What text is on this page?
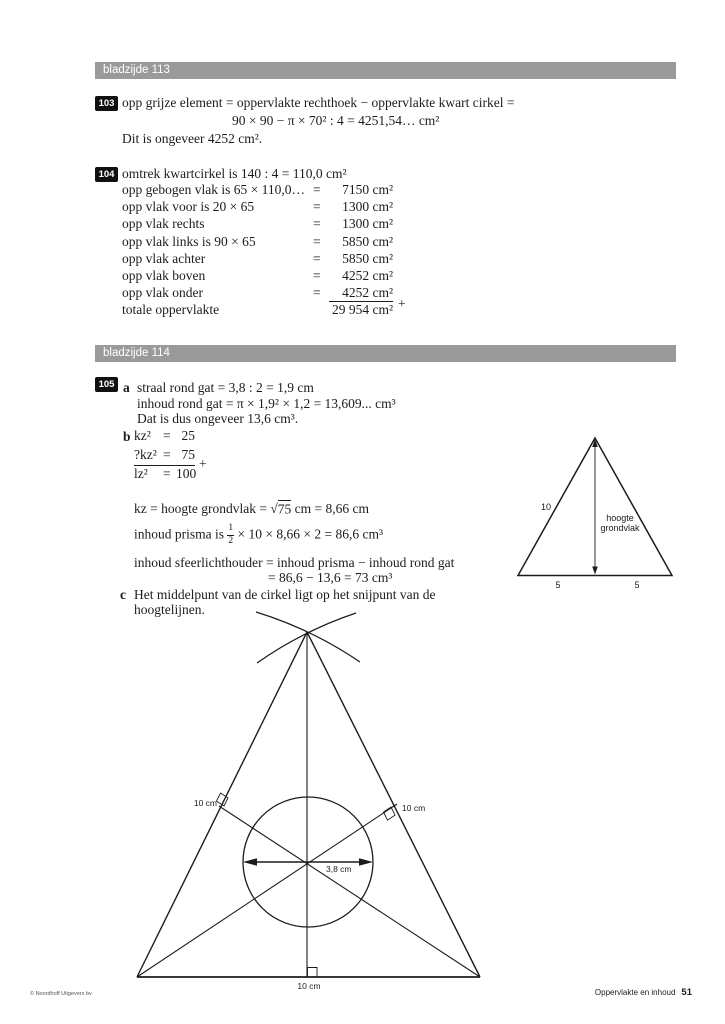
bladzijde 113
103 opp grijze element = oppervlakte rechthoek − oppervlakte kwart cirkel =
90 × 90 − π × 70² : 4 = 4251,54… cm²
Dit is ongeveer 4252 cm².
104 omtrek kwartcirkel is 140 : 4 = 110,0 cm²
opp gebogen vlak is 65 × 110,0… =	7150 cm²
opp vlak voor is 20 × 65	=	1300 cm²
opp vlak rechts	=	1300 cm²
opp vlak links is 90 × 65	=	5850 cm²
opp vlak achter	=	5850 cm²
opp vlak boven	=	4252 cm²
opp vlak onder	=	4252 cm²
totale oppervlakte	29 954 cm² +
bladzijde 114
105 a straal rond gat = 3,8 : 2 = 1,9 cm
inhoud rond gat = π × 1,9² × 1,2 = 13,609... cm³
Dat is dus ongeveer 13,6 cm³.
b kz² = 25
?kz² = 75
lz²	= 100
+
kz = hoogte grondvlak = √75 cm = 8,66 cm
inhoud prisma is $\frac{1}{2} \times 10 \times 8,66 \times 2 = 86,6$ cm³
inhoud sfeerlichthouder = inhoud prisma − inhoud rond gat
= 86,6 − 13,6 = 73 cm³
c Het middelpunt van de cirkel ligt op het snijpunt van de
hoogtelijnen.
10
hoogte
grondvlak
5	5
10 cm	10 cm
10 cm
3,8 cm
© Noordhoff Uitgevers bv	Oppervlakte en inhoud 51
